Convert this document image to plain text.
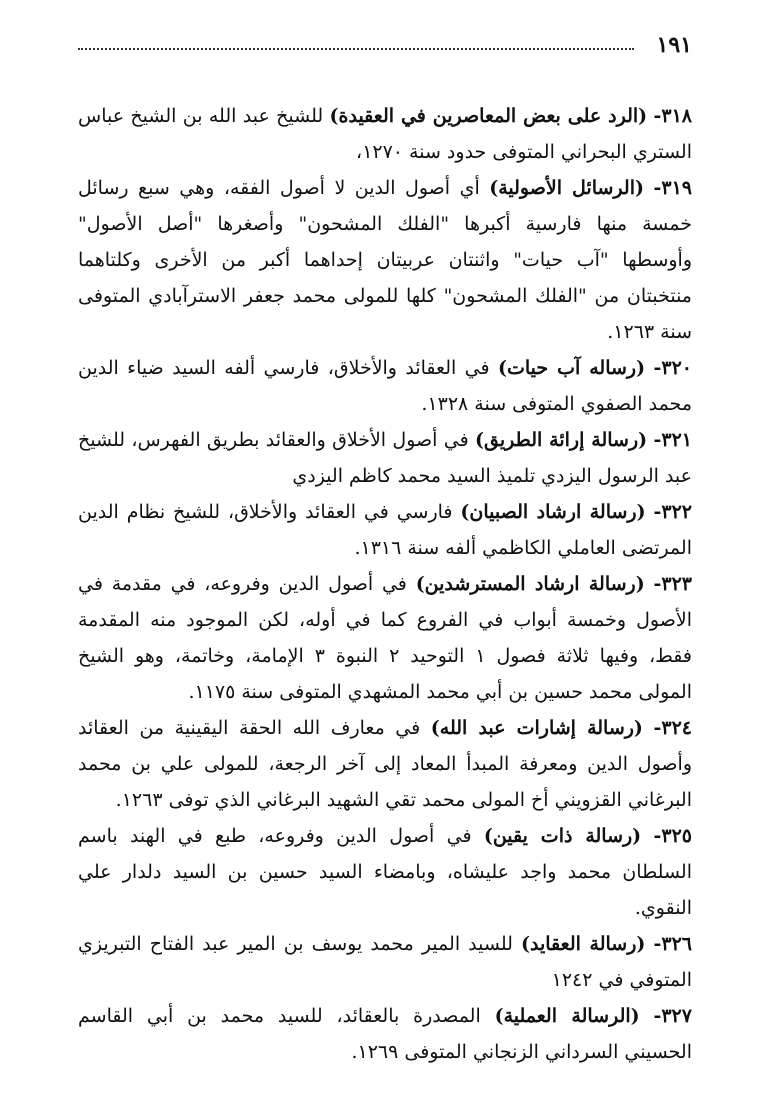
١٩١

٣١٨- (الرد على بعض المعاصرين في العقيدة) للشيخ عبد الله بن الشيخ عباس الستري البحراني المتوفى حدود سنة ١٢٧٠،

٣١٩- (الرسائل الأصولية) أي أصول الدين لا أصول الفقه، وهي سبع رسائل خمسة منها فارسية أكبرها "الفلك المشحون" وأصغرها "أصل الأصول" وأوسطها "آب حيات" واثنتان عربيتان إحداهما أكبر من الأخرى وكلتاهما منتخبتان من "الفلك المشحون" كلها للمولى محمد جعفر الاسترآبادي المتوفى سنة ١٢٦٣.

٣٢٠- (رساله آب حيات) في العقائد والأخلاق، فارسي ألفه السيد ضياء الدين محمد الصفوي المتوفى سنة ١٣٢٨.

٣٢١- (رسالة إرائة الطريق) في أصول الأخلاق والعقائد بطريق الفهرس، للشيخ عبد الرسول اليزدي تلميذ السيد محمد كاظم اليزدي

٣٢٢- (رسالة ارشاد الصبيان) فارسي في العقائد والأخلاق، للشيخ نظام الدين المرتضى العاملي الكاظمي ألفه سنة ١٣١٦.

٣٢٣- (رسالة ارشاد المسترشدين) في أصول الدين وفروعه، في مقدمة في الأصول وخمسة أبواب في الفروع كما في أوله، لكن الموجود منه المقدمة فقط، وفيها ثلاثة فصول ١ التوحيد ٢ النبوة ٣ الإمامة، وخاتمة، وهو الشيخ المولى محمد حسين بن أبي محمد المشهدي المتوفى سنة ١١٧٥.

٣٢٤- (رسالة إشارات عبد الله) في معارف الله الحقة اليقينية من العقائد وأصول الدين ومعرفة المبدأ المعاد إلى آخر الرجعة، للمولى علي بن محمد البرغاني القزويني أخ المولى محمد تقي الشهيد البرغاني الذي توفى ١٢٦٣.

٣٢٥- (رسالة ذات يقين) في أصول الدين وفروعه، طبع في الهند باسم السلطان محمد واجد عليشاه، وبامضاء السيد حسين بن السيد دلدار علي النقوي.

٣٢٦- (رسالة العقايد) للسيد المير محمد يوسف بن المير عبد الفتاح التبريزي المتوفي في ١٢٤٢

٣٢٧- (الرسالة العملية) المصدرة بالعقائد، للسيد محمد بن أبي القاسم الحسيني السرداني الزنجاني المتوفى ١٢٦٩.
